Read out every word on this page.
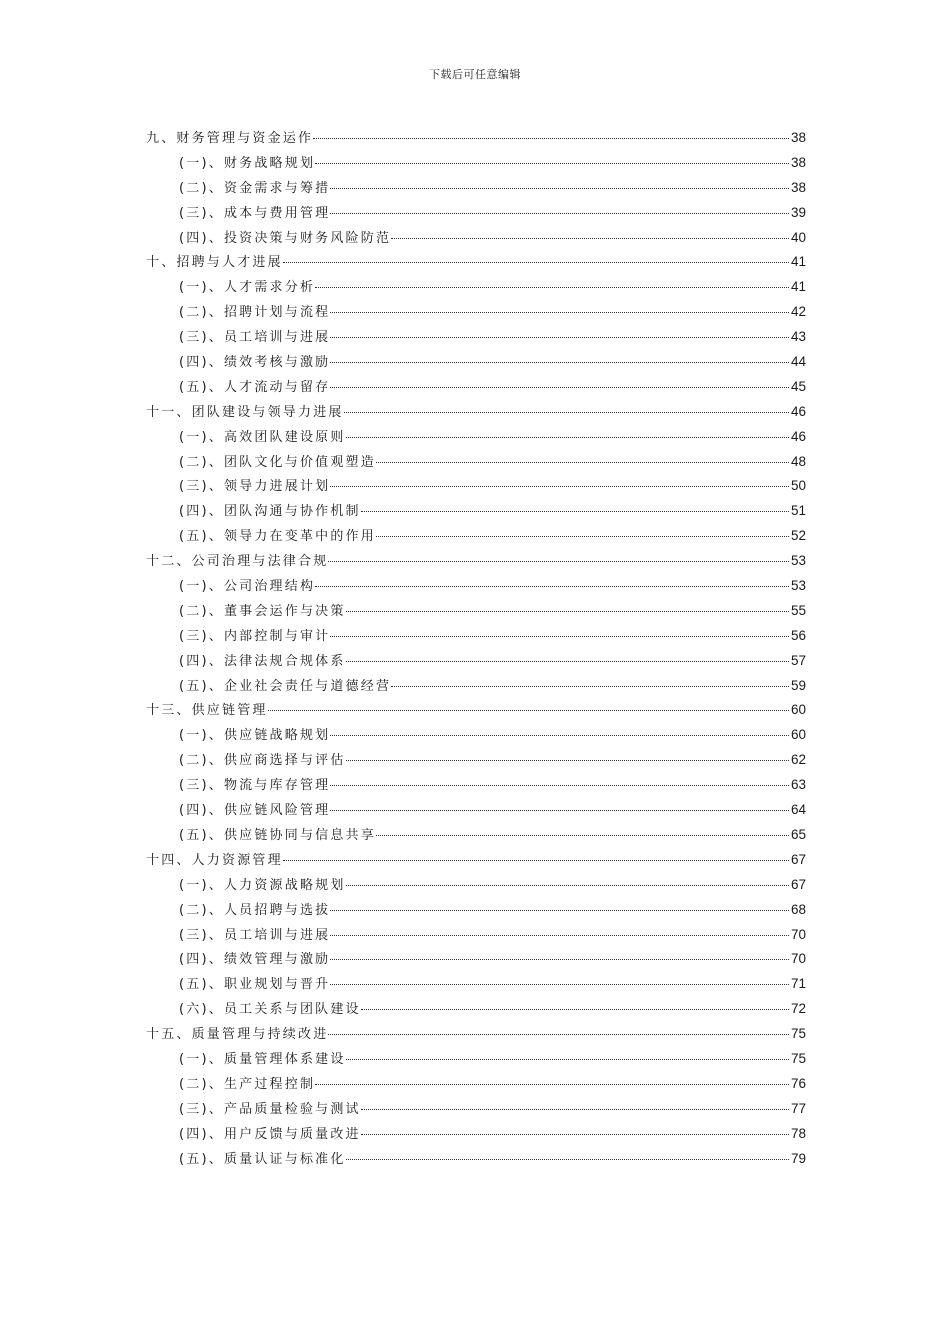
下载后可任意编辑
九、财务管理与资金运作	38
(一)、财务战略规划	38
(二)、资金需求与筹措	38
(三)、成本与费用管理	39
(四)、投资决策与财务风险防范	40
十、招聘与人才进展	41
(一)、人才需求分析	41
(二)、招聘计划与流程	42
(三)、员工培训与进展	43
(四)、绩效考核与激励	44
(五)、人才流动与留存	45
十一、团队建设与领导力进展	46
(一)、高效团队建设原则	46
(二)、团队文化与价值观塑造	48
(三)、领导力进展计划	50
(四)、团队沟通与协作机制	51
(五)、领导力在变革中的作用	52
十二、公司治理与法律合规	53
(一)、公司治理结构	53
(二)、董事会运作与决策	55
(三)、内部控制与审计	56
(四)、法律法规合规体系	57
(五)、企业社会责任与道德经营	59
十三、供应链管理	60
(一)、供应链战略规划	60
(二)、供应商选择与评估	62
(三)、物流与库存管理	63
(四)、供应链风险管理	64
(五)、供应链协同与信息共享	65
十四、人力资源管理	67
(一)、人力资源战略规划	67
(二)、人员招聘与选拔	68
(三)、员工培训与进展	70
(四)、绩效管理与激励	70
(五)、职业规划与晋升	71
(六)、员工关系与团队建设	72
十五、质量管理与持续改进	75
(一)、质量管理体系建设	75
(二)、生产过程控制	76
(三)、产品质量检验与测试	77
(四)、用户反馈与质量改进	78
(五)、质量认证与标准化	79
